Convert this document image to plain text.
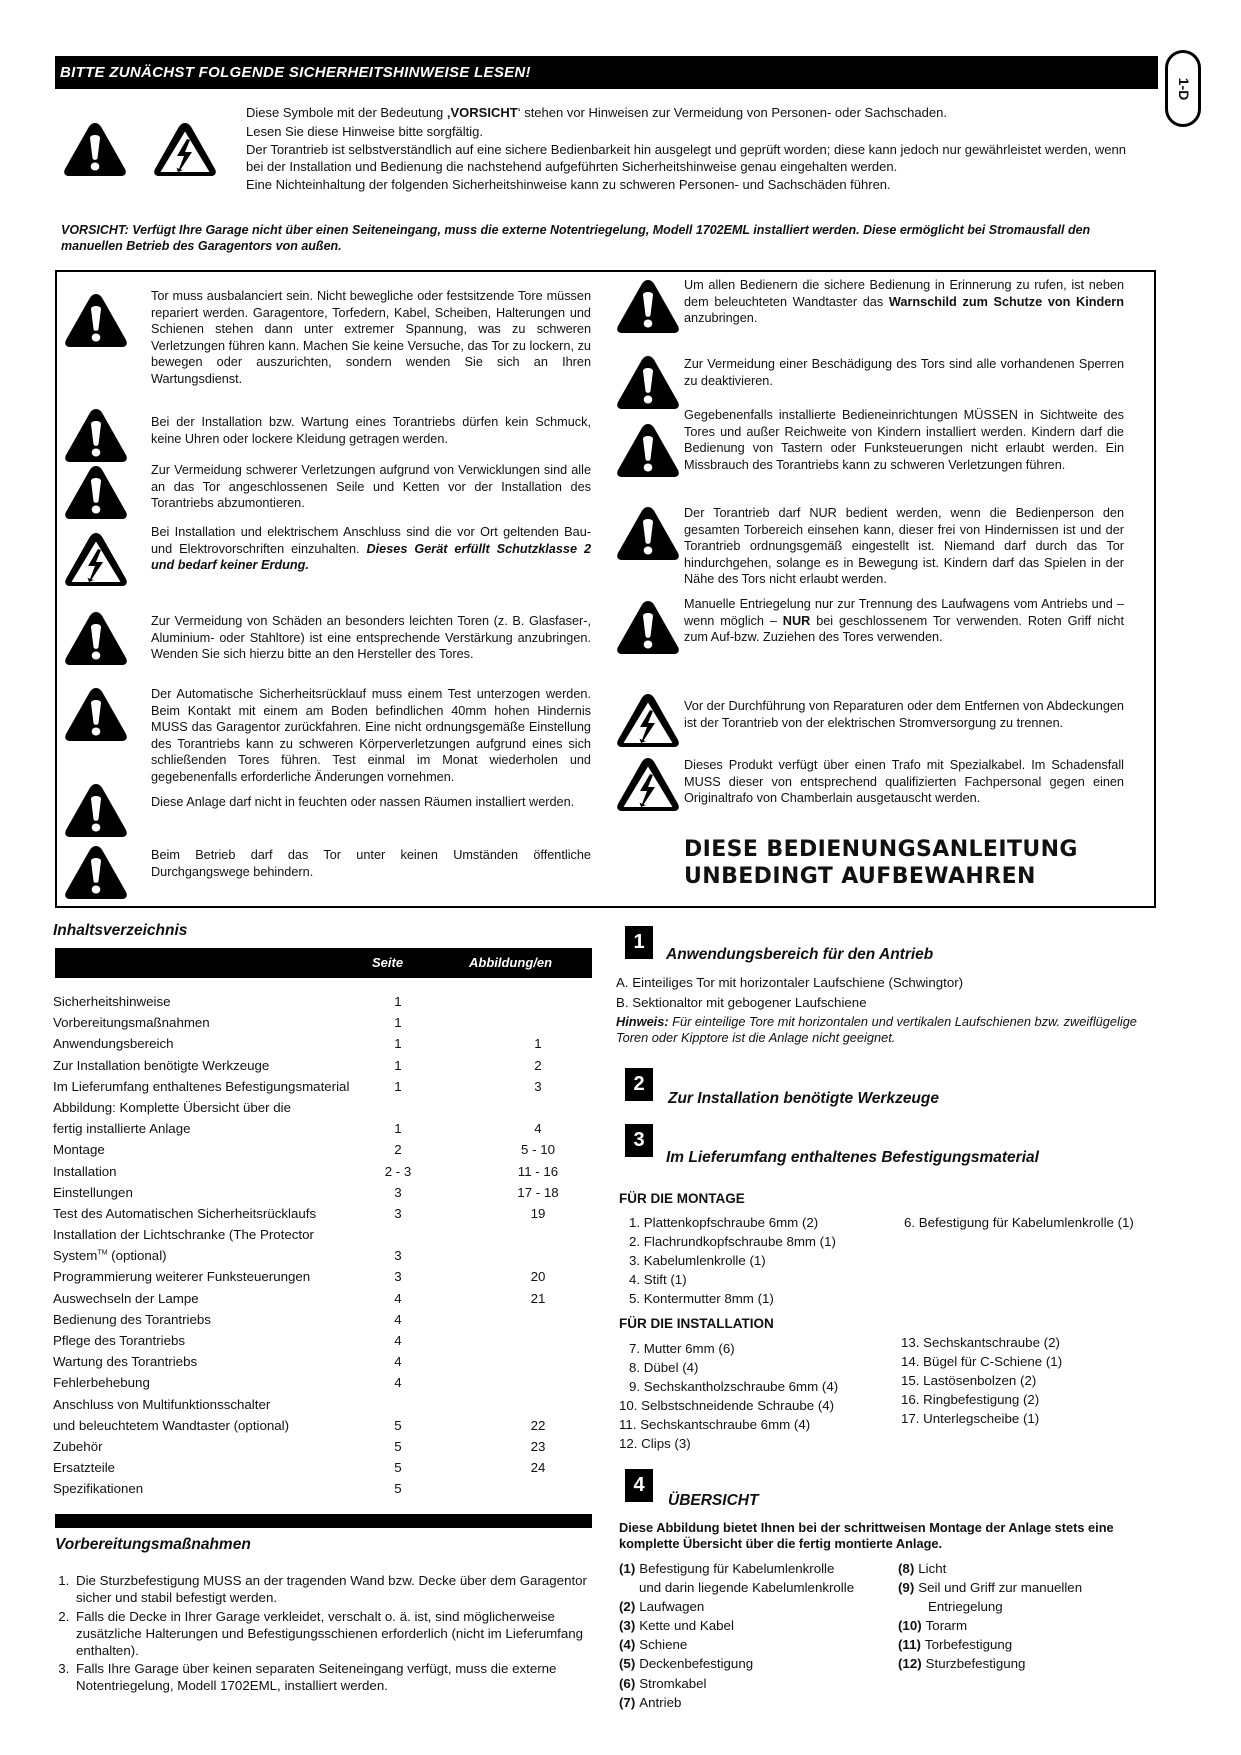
BITTE ZUNÄCHST FOLGENDE SICHERHEITSHINWEISE LESEN!
1-D

Diese Symbole mit der Bedeutung ‚VORSICHT‘ stehen vor Hinweisen zur Vermeidung von Personen- oder Sachschaden.

Lesen Sie diese Hinweise bitte sorgfältig.

Der Torantrieb ist selbstverständlich auf eine sichere Bedienbarkeit hin ausgelegt und geprüft worden; diese kann jedoch nur gewährleistet werden, wenn bei der Installation und Bedienung die nachstehend aufgeführten Sicherheitshinweise genau eingehalten werden.

Eine Nichteinhaltung der folgenden Sicherheitshinweise kann zu schweren Personen- und Sachschäden führen.

VORSICHT: Verfügt Ihre Garage nicht über einen Seiteneingang, muss die externe Notentriegelung, Modell 1702EML installiert werden. Diese ermöglicht bei Stromausfall den manuellen Betrieb des Garagentors von außen.
Tor muss ausbalanciert sein. Nicht bewegliche oder festsitzende Tore müssen repariert werden. Garagentore, Torfedern, Kabel, Scheiben, Halterungen und Schienen stehen dann unter extremer Spannung, was zu schweren Verletzungen führen kann. Machen Sie keine Versuche, das Tor zu lockern, zu bewegen oder auszurichten, sondern wenden Sie sich an Ihren Wartungsdienst.
Bei der Installation bzw. Wartung eines Torantriebs dürfen kein Schmuck, keine Uhren oder lockere Kleidung getragen werden.
Zur Vermeidung schwerer Verletzungen aufgrund von Verwicklungen sind alle an das Tor angeschlossenen Seile und Ketten vor der Installation des Torantriebs abzumontieren.
Bei Installation und elektrischem Anschluss sind die vor Ort geltenden Bau- und Elektrovorschriften einzuhalten. Dieses Gerät erfüllt Schutzklasse 2 und bedarf keiner Erdung.
Zur Vermeidung von Schäden an besonders leichten Toren (z. B. Glasfaser-, Aluminium- oder Stahltore) ist eine entsprechende Verstärkung anzubringen. Wenden Sie sich hierzu bitte an den Hersteller des Tores.
Der Automatische Sicherheitsrücklauf muss einem Test unterzogen werden. Beim Kontakt mit einem am Boden befindlichen 40mm hohen Hindernis MUSS das Garagentor zurückfahren. Eine nicht ordnungsgemäße Einstellung des Torantriebs kann zu schweren Körperverletzungen aufgrund eines sich schließenden Tores führen. Test einmal im Monat wiederholen und gegebenenfalls erforderliche Änderungen vornehmen.
Diese Anlage darf nicht in feuchten oder nassen Räumen installiert werden.
Beim Betrieb darf das Tor unter keinen Umständen öffentliche Durchgangswege behindern.
Um allen Bedienern die sichere Bedienung in Erinnerung zu rufen, ist neben dem beleuchteten Wandtaster das Warnschild zum Schutze von Kindern anzubringen.
Zur Vermeidung einer Beschädigung des Tors sind alle vorhandenen Sperren zu deaktivieren.
Gegebenenfalls installierte Bedieneinrichtungen MÜSSEN in Sichtweite des Tores und außer Reichweite von Kindern installiert werden. Kindern darf die Bedienung von Tastern oder Funksteuerungen nicht erlaubt werden. Ein Missbrauch des Torantriebs kann zu schweren Verletzungen führen.
Der Torantrieb darf NUR bedient werden, wenn die Bedienperson den gesamten Torbereich einsehen kann, dieser frei von Hindernissen ist und der Torantrieb ordnungsgemäß eingestellt ist. Niemand darf durch das Tor hindurchgehen, solange es in Bewegung ist. Kindern darf das Spielen in der Nähe des Tors nicht erlaubt werden.
Manuelle Entriegelung nur zur Trennung des Laufwagens vom Antriebs und – wenn möglich – NUR bei geschlossenem Tor verwenden. Roten Griff nicht zum Auf-bzw. Zuziehen des Tores verwenden.
Vor der Durchführung von Reparaturen oder dem Entfernen von Abdeckungen ist der Torantrieb von der elektrischen Stromversorgung zu trennen.
Dieses Produkt verfügt über einen Trafo mit Spezialkabel. Im Schadensfall MUSS dieser von entsprechend qualifizierten Fachpersonal gegen einen Originaltrafo von Chamberlain ausgetauscht werden.
DIESE BEDIENUNGSANLEITUNG
UNBEDINGT AUFBEWAHREN
Inhaltsverzeichnis
Seite	Abbildung/en
Sicherheitshinweise	1
Vorbereitungsmaßnahmen	1
Anwendungsbereich	1	1
Zur Installation benötigte Werkzeuge	1	2
Im Lieferumfang enthaltenes Befestigungsmaterial	1	3
Abbildung: Komplette Übersicht über die
fertig installierte Anlage	1	4
Montage	2	5 - 10
Installation	2 - 3	11 - 16
Einstellungen	3	17 - 18
Test des Automatischen Sicherheitsrücklaufs	3	19
Installation der Lichtschranke (The Protector
System™ (optional)	3
Programmierung weiterer Funksteuerungen	3	20
Auswechseln der Lampe	4	21
Bedienung des Torantriebs	4
Pflege des Torantriebs	4
Wartung des Torantriebs	4
Fehlerbehebung	4
Anschluss von Multifunktionsschalter
und beleuchtetem Wandtaster (optional)	5	22
Zubehör	5	23
Ersatzteile	5	24
Spezifikationen	5
Vorbereitungsmaßnahmen
1. Die Sturzbefestigung MUSS an der tragenden Wand bzw. Decke über dem Garagentor sicher und stabil befestigt werden.
2. Falls die Decke in Ihrer Garage verkleidet, verschalt o. ä. ist, sind möglicherweise zusätzliche Halterungen und Befestigungsschienen erforderlich (nicht im Lieferumfang enthalten).
3. Falls Ihre Garage über keinen separaten Seiteneingang verfügt, muss die externe Notentriegelung, Modell 1702EML, installiert werden.
1
Anwendungsbereich für den Antrieb
A. Einteiliges Tor mit horizontaler Laufschiene (Schwingtor)
B. Sektionaltor mit gebogener Laufschiene
Hinweis: Für einteilige Tore mit horizontalen und vertikalen Laufschienen bzw. zweiflügelige Toren oder Kipptore ist die Anlage nicht geeignet.
2
Zur Installation benötigte Werkzeuge
3
Im Lieferumfang enthaltenes Befestigungsmaterial
FÜR DIE MONTAGE
1. Plattenkopfschraube 6mm (2)
2. Flachrundkopfschraube 8mm (1)
3. Kabelumlenkrolle (1)
4. Stift (1)
5. Kontermutter 8mm (1)
6. Befestigung für Kabelumlenkrolle (1)
FÜR DIE INSTALLATION
7. Mutter 6mm (6)
8. Dübel (4)
9. Sechskantholzschraube 6mm (4)
10. Selbstschneidende Schraube (4)
11. Sechskantschraube 6mm (4)
12. Clips (3)
13. Sechskantschraube (2)
14. Bügel für C-Schiene (1)
15. Lastösenbolzen (2)
16. Ringbefestigung (2)
17. Unterlegscheibe (1)
4
ÜBERSICHT
Diese Abbildung bietet Ihnen bei der schrittweisen Montage der Anlage stets eine komplette Übersicht über die fertig montierte Anlage.
(1) Befestigung für Kabelumlenkrolle
und darin liegende Kabelumlenkrolle
(2) Laufwagen
(3) Kette und Kabel
(4) Schiene
(5) Deckenbefestigung
(6) Stromkabel
(7) Antrieb
(8) Licht
(9) Seil und Griff zur manuellen
Entriegelung
(10) Torarm
(11) Torbefestigung
(12) Sturzbefestigung
